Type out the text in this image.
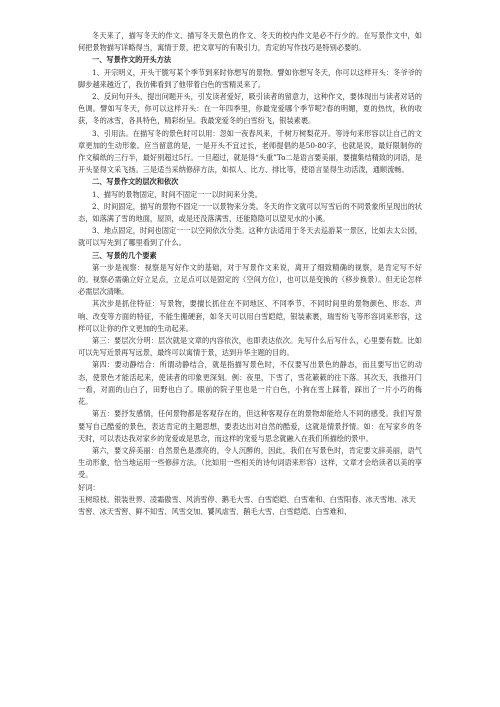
冬天来了，描写冬天的作文、描写冬天景色的作文、冬天的校内作文是必不行少的。在写景作文中，如何把景物描写详略得当，寓情于景，把文章写的有吸引力，肯定的写作技巧是特别必要的。

一、写景作文的开头方法

1、开宗明义，开头干脆写某个季节到来时你想写的景物。譬如你想写冬天，你可以这样开头：冬爷爷的脚步越来越近了，我仿佛看到了他带着白色的雪精灵来了。

2、反问句开头，提出问题开头，引发读者爱好，吸引读者的留意力，这种作文，要体现出与读者对话的色调。譬如写冬天，你可以这样开头：在一年四季里，你最宠爱哪个季节呢?春的明媚，夏的热忱，秋的收获，冬的冰雪，各具特色，精彩纷呈。我最宠爱冬的白雪纷飞，银装素裹。

3、引用法。在描写冬的景色时可以用：忽如一夜春风来，千树万树梨花开。等诗句来形容以让自己的文章更加的生动形象。应当留意的是，一是开头不宜过长，老师提倡的是50-80字，也就是说，最好限制你的作文稿纸的三行半，最好别超过5行。一旦超过，就是得“头重”To二是语言要美丽，要擅集结精致的词语，是开头显得文采飞扬。三是适当采纳修辞方法，如拟人、比方、排比等，使语言显得生动活泼，通顺流畅。

二、写景作文的层次和依次

1、描写的景物固定，时间不固定一一以时间来分类。

2、时间固定，描写的景物不固定一一以景物来分类。冬天的作文就可以写雪后的不同景象所呈现出的状态，如落满了雪的地面，屋顶，或是还没落满雪，还能隐隐可以望见水的小溪。

3、地点固定，时间也固定一一以空间依次分类。这种方法适用于冬天去巡游某一景区，比如去太公园，就可以写先到了哪里看到了什么。

三、写景的几个要素

第一步是视察：视察是写好作文的基础，对于写景作文来说，离开了细致精确的视察，是肯定写不好的。视察必需确立好立足点，立足点可以是固定的（空间方位），也可以是变换的（移步换景）。但无论怎样必需层次清晰。

其次步是抓住特征：写景物，要擅长抓住在不同地区、不同季节、不同时间里的景物颜色、形态、声响、改变等方面的特征，不能生搬硬套，如冬天可以用白雪皑皑，银装素裹，瑞雪纷飞等形容词来形容，这样可以让你的作文更加的生动起来。

第三：要层次分明：层次就是文章的内容依次，也即表达依次。先写什么后写什么，心里要有数。比如可以先写近景再写远景，最终可以寓情于景，达到升华主题的目的。

第四：要动静结合：所谓动静结合，就是指描写景色时，不仅要写出景色的静态，而且要写出它的动态，使景色才能活起来，使读者的印象更深刻。例：夜里，下雪了，雪花簌簌的往下落。其次天，我推开门一看，对面的山白了，田野也白了。眼前的院子里也是一片白色，小狗在雪上踩着，踩出了一片小巧的梅花。

第五：要抒发感情，任何景物都是客观存在的，但这种客观存在的景物却能给人不同的感受。我们写景要写自己酷爱的景色，表达肯定的主题思想，要表达出对自然的酷爱，这就是情景抒情。如：在写家乡的冬天时，可以表达我对家乡的宠爱或是思念，而这样的宠爱与思念就融入在我们所描绘的景中。

第六，要文辞美丽：自然景色是漂亮的，令人沉醉的，因此，我们在写景色时，肯定要文辞美丽，语气生动形象，恰当地运用一些修辞方法。（比如用一些相关的诗句词语来形容）这样，文章才会给读者以美的享受。

好词：

玉树琼枝、银装世界、凌霜傲雪、风消雪停、鹅毛大雪、白雪皑皑、白雪难和、白雪阳春、冰天雪地、冰天雪窖、冰天雪窖、鲜不知雪、风雪交加、饕风虐雪、鹅毛大雪、白雪皑皑、白雪难和、
